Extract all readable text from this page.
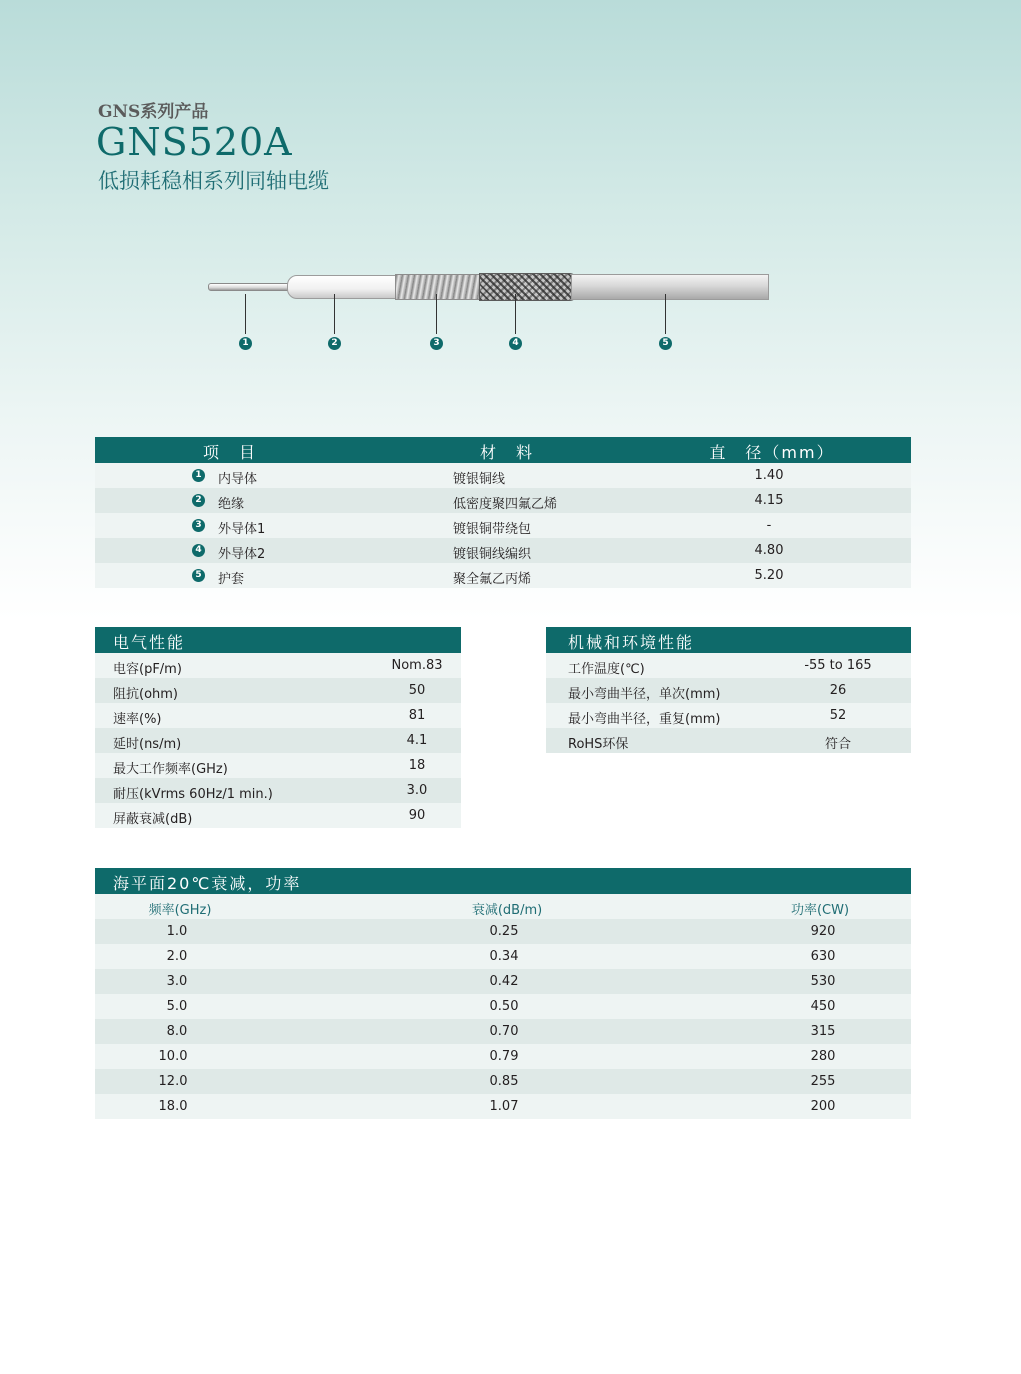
GNS系列产品
GNS520A
低损耗稳相系列同轴电缆
1	2	3	4	5
项　目	材　料	直　径（mm）
1 内导体	镀银铜线	1.40
2 绝缘	低密度聚四氟乙烯	4.15
3 外导体1	镀银铜带绕包	-
4 外导体2	镀银铜线编织	4.80
5 护套	聚全氟乙丙烯	5.20
电气性能
电容(pF/m)	Nom.83
阻抗(ohm)	50
速率(%)	81
延时(ns/m)	4.1
最大工作频率(GHz)	18
耐压(kVrms 60Hz/1 min.)	3.0
屏蔽衰减(dB)	90
机械和环境性能
工作温度(℃)	-55 to 165
最小弯曲半径，单次(mm)	26
最小弯曲半径，重复(mm)	52
RoHS环保	符合
海平面20℃衰减，功率
频率(GHz)	衰减(dB/m)	功率(CW)
1.0	0.25	920
2.0	0.34	630
3.0	0.42	530
5.0	0.50	450
8.0	0.70	315
10.0	0.79	280
12.0	0.85	255
18.0	1.07	200
